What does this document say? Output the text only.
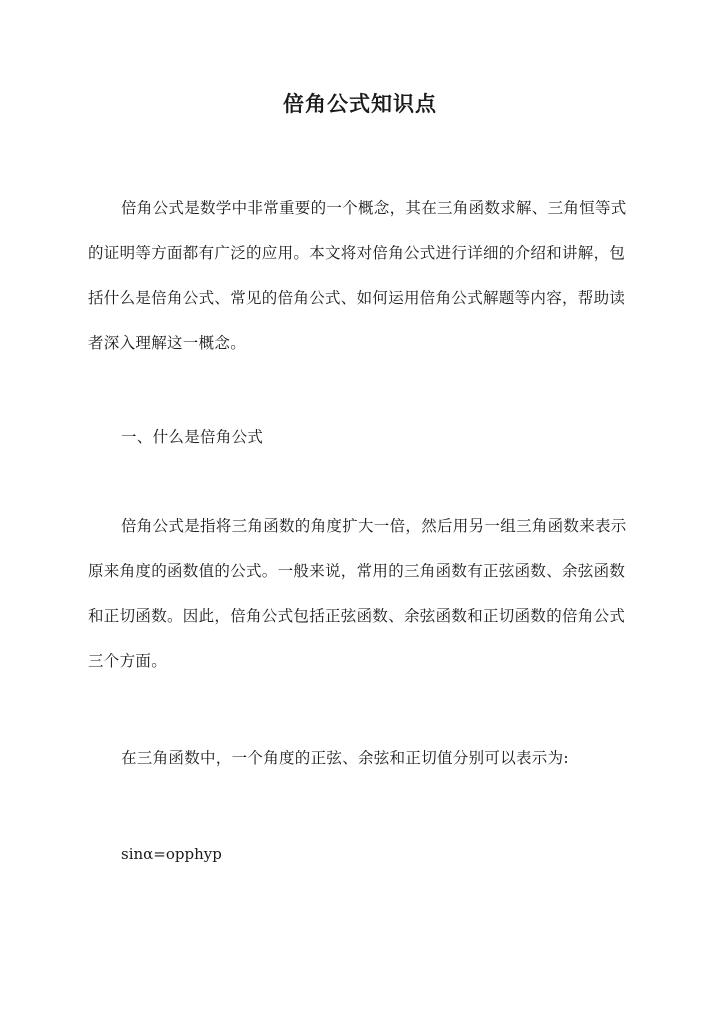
倍角公式知识点

倍角公式是数学中非常重要的一个概念，其在三角函数求解、三角恒等式的证明等方面都有广泛的应用。本文将对倍角公式进行详细的介绍和讲解，包括什么是倍角公式、常见的倍角公式、如何运用倍角公式解题等内容，帮助读者深入理解这一概念。

一、什么是倍角公式

倍角公式是指将三角函数的角度扩大一倍，然后用另一组三角函数来表示原来角度的函数值的公式。一般来说，常用的三角函数有正弦函数、余弦函数和正切函数。因此，倍角公式包括正弦函数、余弦函数和正切函数的倍角公式三个方面。

在三角函数中，一个角度的正弦、余弦和正切值分别可以表示为:
sinα=opphyp
